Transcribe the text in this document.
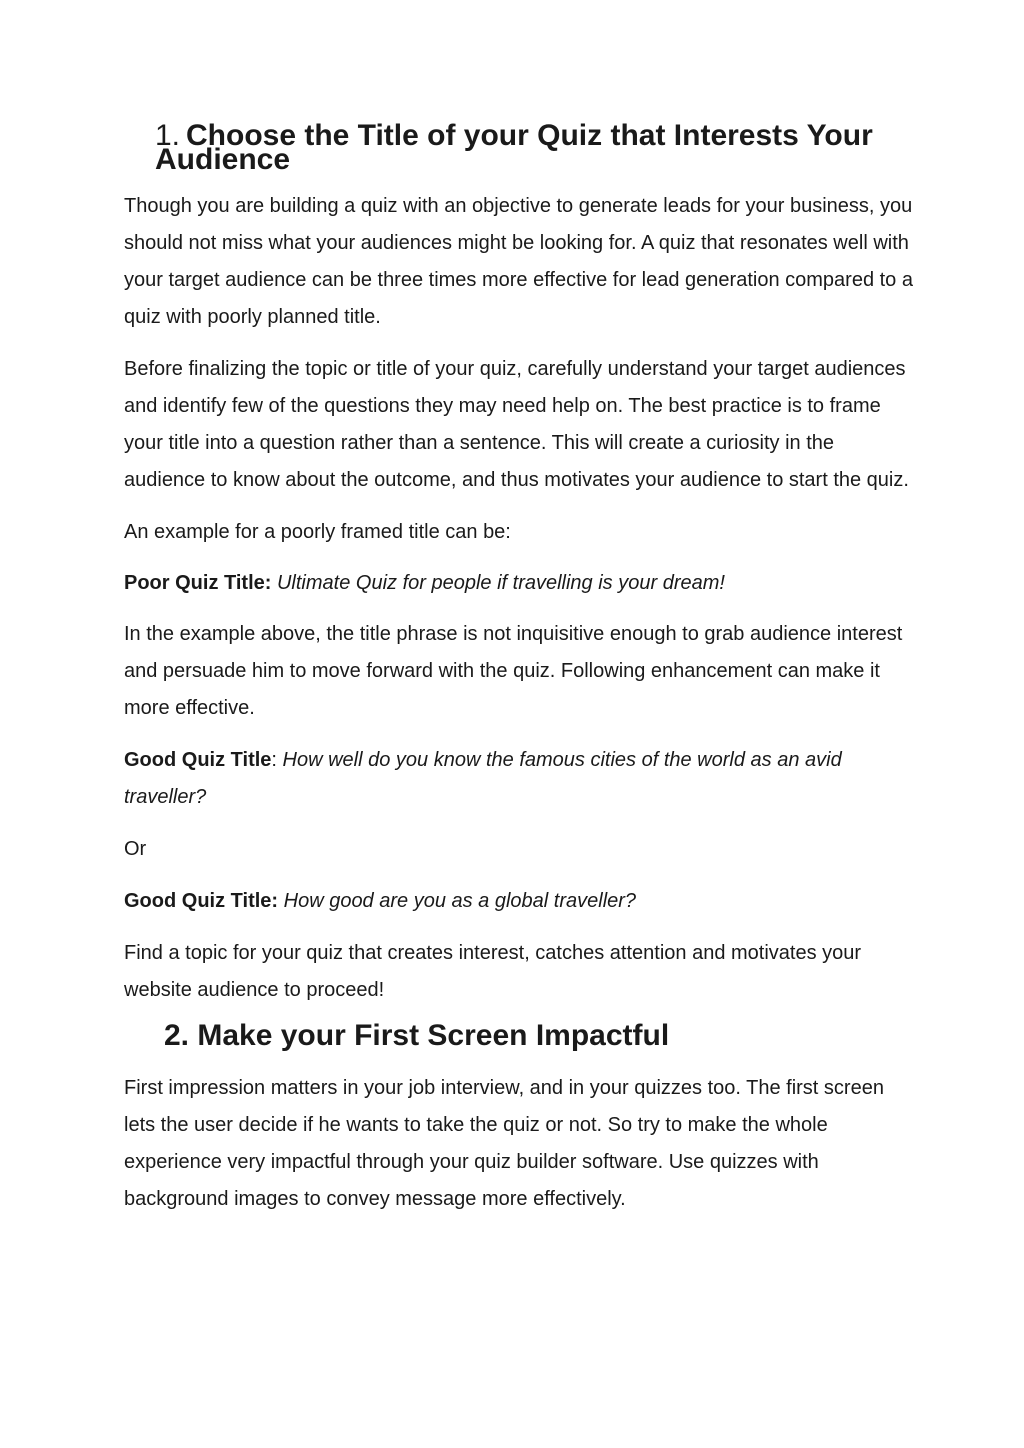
1. Choose the Title of your Quiz that Interests Your Audience

Though you are building a quiz with an objective to generate leads for your business, you should not miss what your audiences might be looking for. A quiz that resonates well with your target audience can be three times more effective for lead generation compared to a quiz with poorly planned title.

Before finalizing the topic or title of your quiz, carefully understand your target audiences and identify few of the questions they may need help on. The best practice is to frame your title into a question rather than a sentence. This will create a curiosity in the audience to know about the outcome, and thus motivates your audience to start the quiz.

An example for a poorly framed title can be:

Poor Quiz Title: Ultimate Quiz for people if travelling is your dream!

In the example above, the title phrase is not inquisitive enough to grab audience interest and persuade him to move forward with the quiz. Following enhancement can make it more effective.

Good Quiz Title: How well do you know the famous cities of the world as an avid traveller?

Or

Good Quiz Title: How good are you as a global traveller?

Find a topic for your quiz that creates interest, catches attention and motivates your website audience to proceed!

2. Make your First Screen Impactful

First impression matters in your job interview, and in your quizzes too. The first screen lets the user decide if he wants to take the quiz or not. So try to make the whole experience very impactful through your quiz builder software. Use quizzes with background images to convey message more effectively.
